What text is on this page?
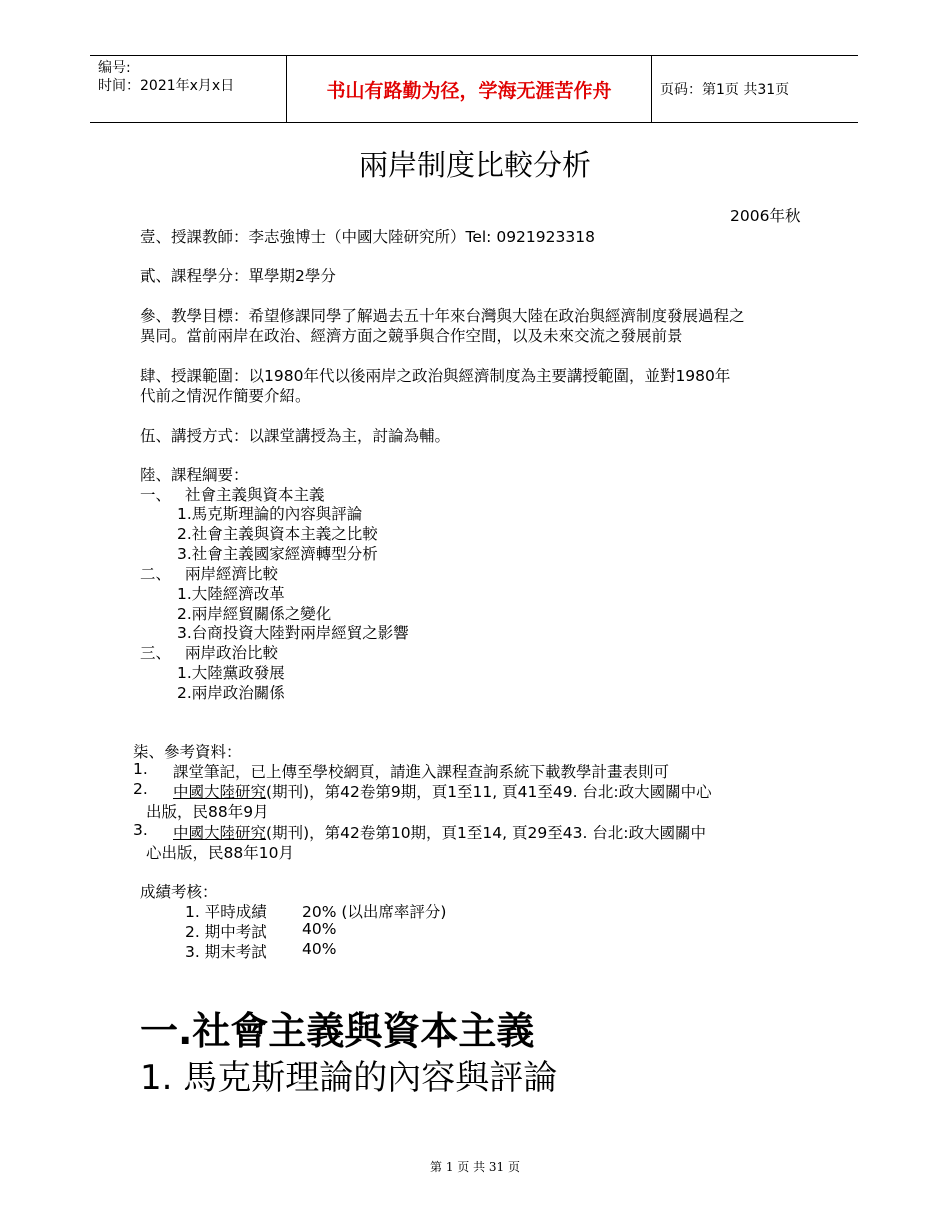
编号:
时间：2021年x月x日	书山有路勤为径，学海无涯苦作舟	页码：第1页 共31页
兩岸制度比較分析
2006年秋
壹、授課教師：李志強博士（中國大陸研究所）Tel: 0921923318
貳、課程學分：單學期2學分
參、教學目標：希望修課同學了解過去五十年來台灣與大陸在政治與經濟制度發展過程之
異同。當前兩岸在政治、經濟方面之競爭與合作空間，以及未來交流之發展前景
肆、授課範圍：以1980年代以後兩岸之政治與經濟制度為主要講授範圍，並對1980年
代前之情況作簡要介紹。
伍、講授方式：以課堂講授為主，討論為輔。
陸、課程綱要：
一、 社會主義與資本主義
1.馬克斯理論的內容與評論
2.社會主義與資本主義之比較
3.社會主義國家經濟轉型分析
二、 兩岸經濟比較
1.大陸經濟改革
2.兩岸經貿關係之變化
3.台商投資大陸對兩岸經貿之影響
三、 兩岸政治比較
1.大陸黨政發展
2.兩岸政治關係
柒、參考資料：
1. 課堂筆記，已上傳至學校網頁，請進入課程查詢系統下載教學計畫表則可
2. 中國大陸研究(期刊)，第42卷第9期，頁1至11, 頁41至49. 台北:政大國關中心
出版，民88年9月
3. 中國大陸研究(期刊)，第42卷第10期，頁1至14, 頁29至43. 台北:政大國關中
心出版，民88年10月
成績考核：
1. 平時成績 20% (以出席率評分)
2. 期中考試 40%
3. 期末考試 40%
一.社會主義與資本主義
1. 馬克斯理論的內容與評論
第 1 页 共 31 页
